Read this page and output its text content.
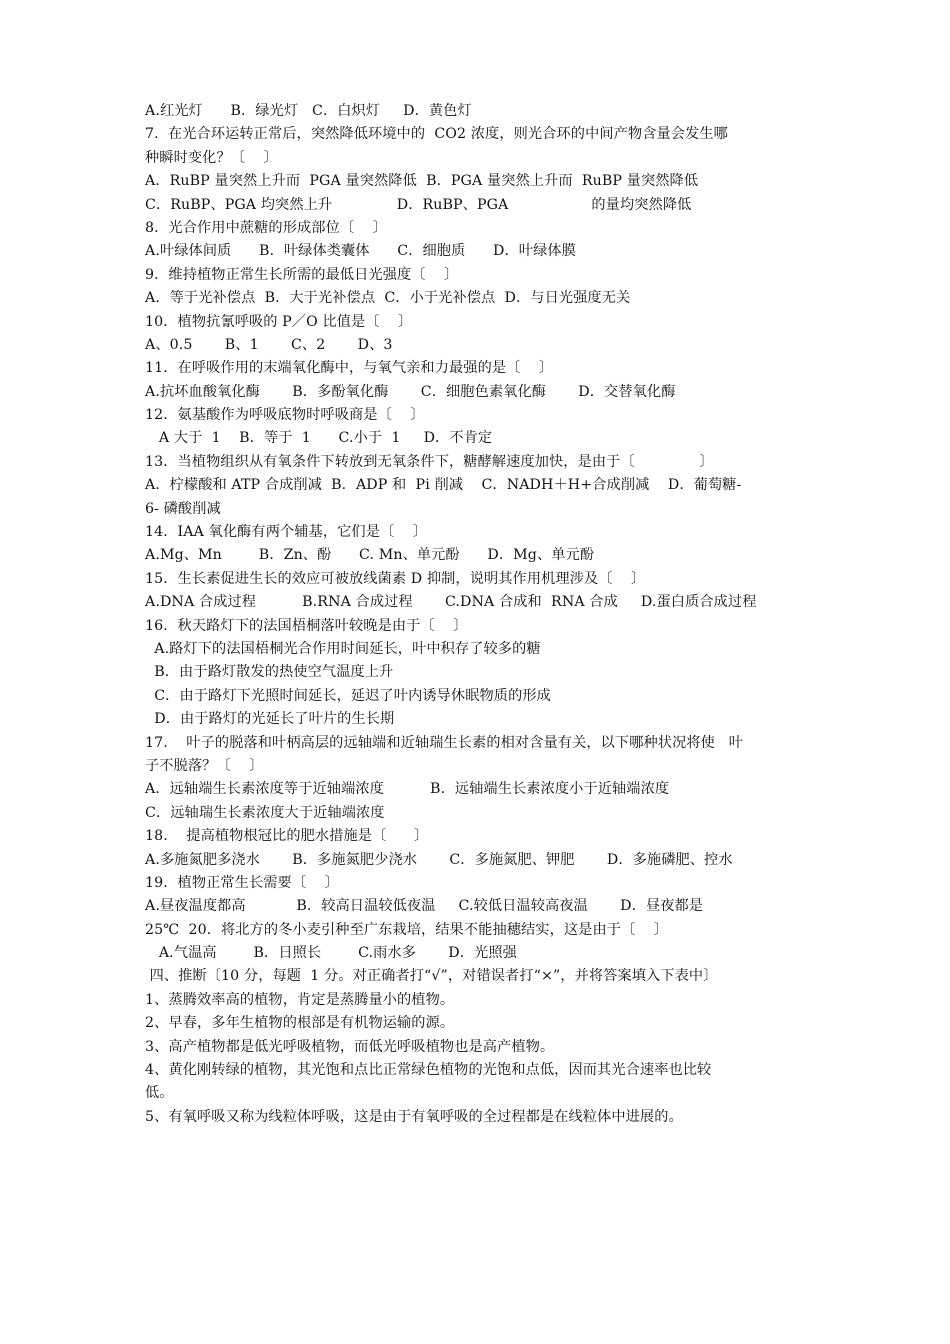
A.红光灯      B．绿光灯   C．白炽灯     D．黄色灯
7.  在光合环运转正常后，突然降低环境中的  CO2 浓度，则光合环的中间产物含量会发生哪
种瞬时变化？〔    〕
A．RuBP 量突然上升而  PGA 量突然降低  B．PGA 量突然上升而  RuBP 量突然降低
C．RuBP、PGA 均突然上升              D．RuBP、PGA                  的量均突然降低
8．光合作用中蔗糖的形成部位〔    〕
A.叶绿体间质      B．叶绿体类囊体      C．细胞质      D．叶绿体膜
9．维持植物正常生长所需的最低日光强度〔    〕
A．等于光补偿点  B．大于光补偿点  C．小于光补偿点  D．与日光强度无关
10．植物抗氰呼吸的 P／O 比值是〔    〕
A、0.5       B、1       C、2       D、3
11．在呼吸作用的末端氧化酶中，与氧气亲和力最强的是〔    〕
A.抗坏血酸氧化酶       B．多酚氧化酶       C．细胞色素氧化酶       D．交替氧化酶
12．氨基酸作为呼吸底物时呼吸商是〔    〕
A 大于  1    B．等于  1      C.小于  1     D．不肯定
13．当植物组织从有氧条件下转放到无氧条件下，糖酵解速度加快，是由于〔              〕
A．柠檬酸和 ATP 合成削减  B．ADP 和  Pi 削减    C．NADH＋H+合成削减    D．葡萄糖-
6- 磷酸削减
14．IAA 氧化酶有两个辅基，它们是〔    〕
A.Mg、Mn        B．Zn、酚      C. Mn、单元酚      D．Mg、单元酚
15．生长素促进生长的效应可被放线菌素 D 抑制，说明其作用机理涉及〔    〕
A.DNA 合成过程          B.RNA 合成过程       C.DNA 合成和  RNA 合成     D.蛋白质合成过程
16．秋天路灯下的法国梧桐落叶较晚是由于〔    〕
A.路灯下的法国梧桐光合作用时间延长，叶中积存了较多的糖
B．由于路灯散发的热使空气温度上升
C．由于路灯下光照时间延长，延迟了叶内诱导休眠物质的形成
D．由于路灯的光延长了叶片的生长期
17.    叶子的脱落和叶柄高层的远轴端和近轴瑞生长素的相对含量有关，以下哪种状况将使   叶
子不脱落？〔    〕
A．远轴端生长素浓度等于近轴端浓度          B．远轴端生长素浓度小于近轴端浓度
C．远轴瑞生长素浓度大于近轴端浓度
18.    提高植物根冠比的肥水措施是〔      〕
A.多施氮肥多浇水       B．多施氮肥少浇水       C．多施氮肥、钾肥       D．多施磷肥、控水
19．植物正常生长需要〔    〕
A.昼夜温度都高           B．较高日温较低夜温     C.较低日温较高夜温       D．昼夜都是
25℃  20．将北方的冬小麦引种至广东栽培，结果不能抽穗结实，这是由于〔    〕
A.气温高        B．日照长        C.雨水多       D．光照强
四、推断〔10 分，每题  1 分。对正确者打“√”，对错误者打“×”，并将答案填入下表中〕
1、蒸腾效率高的植物，肯定是蒸腾量小的植物。
2、早春，多年生植物的根部是有机物运输的源。
3、高产植物都是低光呼吸植物，而低光呼吸植物也是高产植物。
4、黄化刚转绿的植物，其光饱和点比正常绿色植物的光饱和点低，因而其光合速率也比较
低。
5、有氧呼吸又称为线粒体呼吸，这是由于有氧呼吸的全过程都是在线粒体中进展的。
